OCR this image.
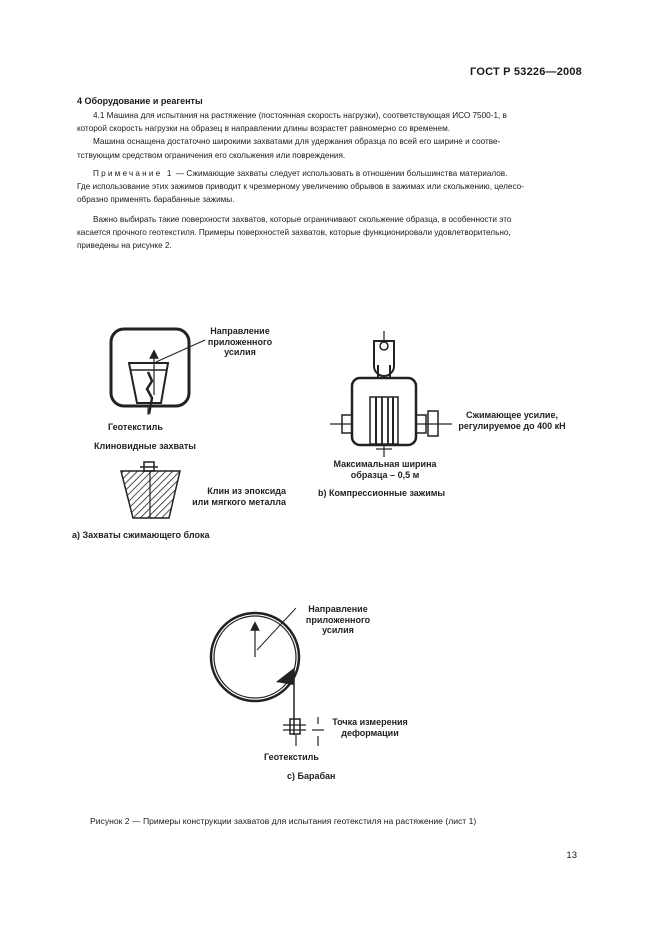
ГОСТ Р 53226—2008
4 Оборудование и реагенты
4.1 Машина для испытания на растяжение (постоянная скорость нагрузки), соответствующая ИСО 7500-1, в
которой скорость нагрузки на образец в направлении длины возрастет равномерно со временем.
Машина оснащена достаточно широкими захватами для удержания образца по всей его ширине и соотве-
тствующим средством ограничения его скольжения или повреждения.
Примечание 1 — Сжимающие захваты следует использовать в отношении большинства материалов.
Где использование этих зажимов приводит к чрезмерному увеличению обрывов в зажимах или скольжению, целесо-
образно применять барабанные зажимы.
Важно выбирать такие поверхности захватов, которые ограничивают скольжение образца, в особенности это
касается прочного геотекстиля. Примеры поверхностей захватов, которые функционировали удовлетворительно,
приведены на рисунке 2.
Направление
приложенного
усилия
Геотекстиль
Клиновидные захваты
Клин из эпоксида
или мягкого металла
а) Захваты сжимающего блока
Сжимающее усилие,
регулируемое до 400 кН
Максимальная ширина
образца – 0,5 м
b) Компрессионные зажимы
Направление
приложенного
усилия
Точка измерения
деформации
Геотекстиль
с) Барабан
Рисунок 2 — Примеры конструкции захватов для испытания геотекстиля на растяжение (лист 1)
13
